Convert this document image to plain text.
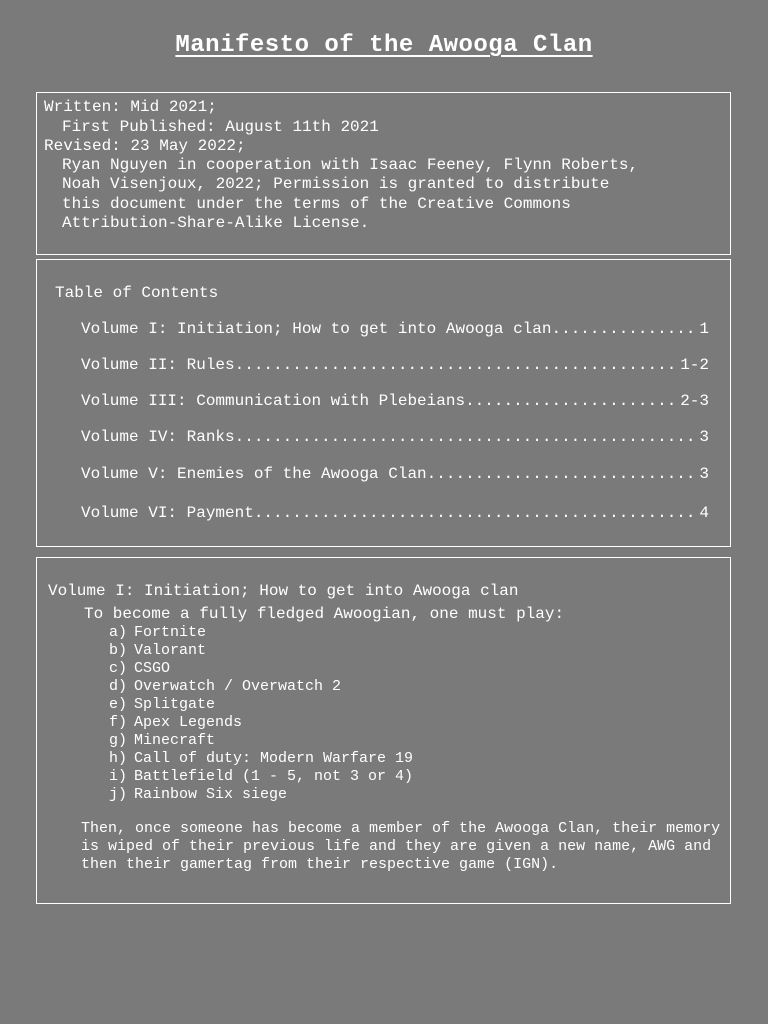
Manifesto of the Awooga Clan
Written: Mid 2021;
First Published: August 11th 2021
Revised: 23 May 2022;
Ryan Nguyen in cooperation with Isaac Feeney, Flynn Roberts,
Noah Visenjoux, 2022; Permission is granted to distribute
this document under the terms of the Creative Commons
Attribution-Share-Alike License.
Table of Contents
Volume I: Initiation; How to get into Awooga clan .....	1
Volume II: Rules .....	1-2
Volume III: Communication with Plebeians .....	2-3
Volume IV: Ranks .....	3
Volume V: Enemies of the Awooga Clan .....	3
Volume VI: Payment .....	4
Volume I: Initiation; How to get into Awooga clan
To become a fully fledged Awoogian, one must play:
a) Fortnite
b) Valorant
c) CSGO
d) Overwatch / Overwatch 2
e) Splitgate
f) Apex Legends
g) Minecraft
h) Call of duty: Modern Warfare 19
i) Battlefield (1 - 5, not 3 or 4)
j) Rainbow Six siege

Then, once someone has become a member of the Awooga Clan, their memory is wiped of their previous life and they are given a new name, AWG and then their gamertag from their respective game (IGN).
